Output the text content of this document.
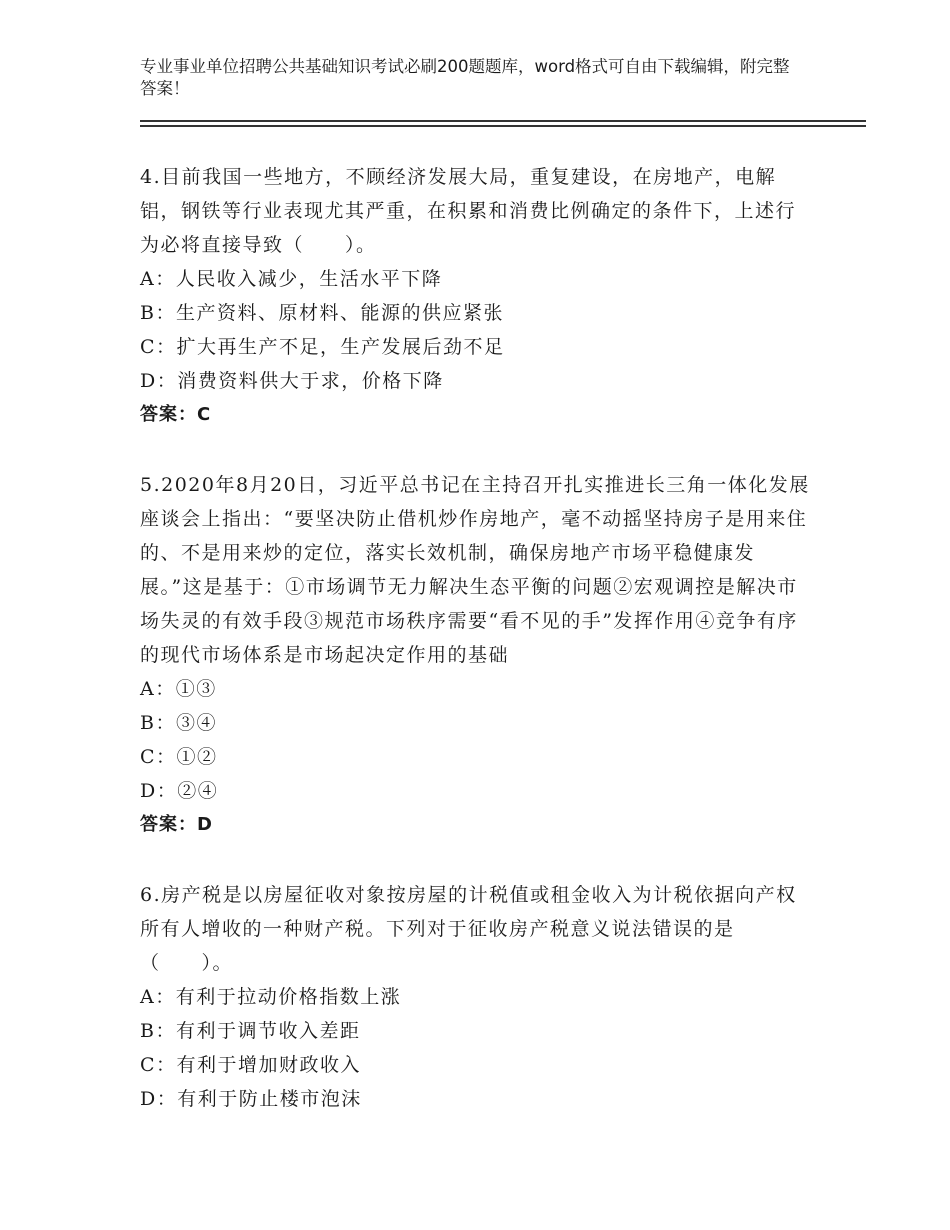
专业事业单位招聘公共基础知识考试必刷200题题库，word格式可自由下载编辑，附完整答案！
4.目前我国一些地方，不顾经济发展大局，重复建设，在房地产，电解铝，钢铁等行业表现尤其严重，在积累和消费比例确定的条件下，上述行为必将直接导致（　　）。
A：人民收入减少，生活水平下降
B：生产资料、原材料、能源的供应紧张
C：扩大再生产不足，生产发展后劲不足
D：消费资料供大于求，价格下降
答案：C
5.2020年8月20日，习近平总书记在主持召开扎实推进长三角一体化发展座谈会上指出：“要坚决防止借机炒作房地产，毫不动摇坚持房子是用来住的、不是用来炒的定位，落实长效机制，确保房地产市场平稳健康发展。”这是基于：①市场调节无力解决生态平衡的问题②宏观调控是解决市场失灵的有效手段③规范市场秩序需要“看不见的手”发挥作用④竞争有序的现代市场体系是市场起决定作用的基础
A：①③
B：③④
C：①②
D：②④
答案：D
6.房产税是以房屋征收对象按房屋的计税值或租金收入为计税依据向产权所有人增收的一种财产税。下列对于征收房产税意义说法错误的是（　　）。
A：有利于拉动价格指数上涨
B：有利于调节收入差距
C：有利于增加财政收入
D：有利于防止楼市泡沫
